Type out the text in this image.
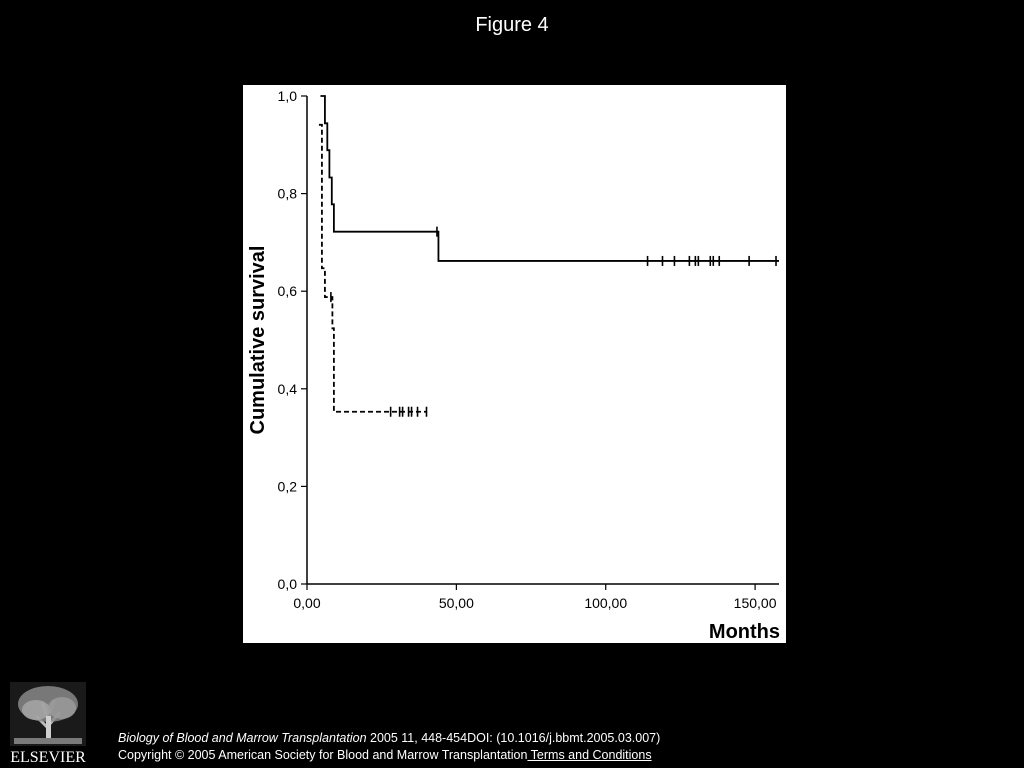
Figure 4
0,0
0,2
0,4
0,6
0,8
1,0
0,00	50,00	100,00	150,00
Cumulative survival
Months
ELSEVIER
Biology of Blood and Marrow Transplantation 2005 11, 448-454DOI: (10.1016/j.bbmt.2005.03.007)
Copyright © 2005 American Society for Blood and Marrow Transplantation Terms and Conditions
